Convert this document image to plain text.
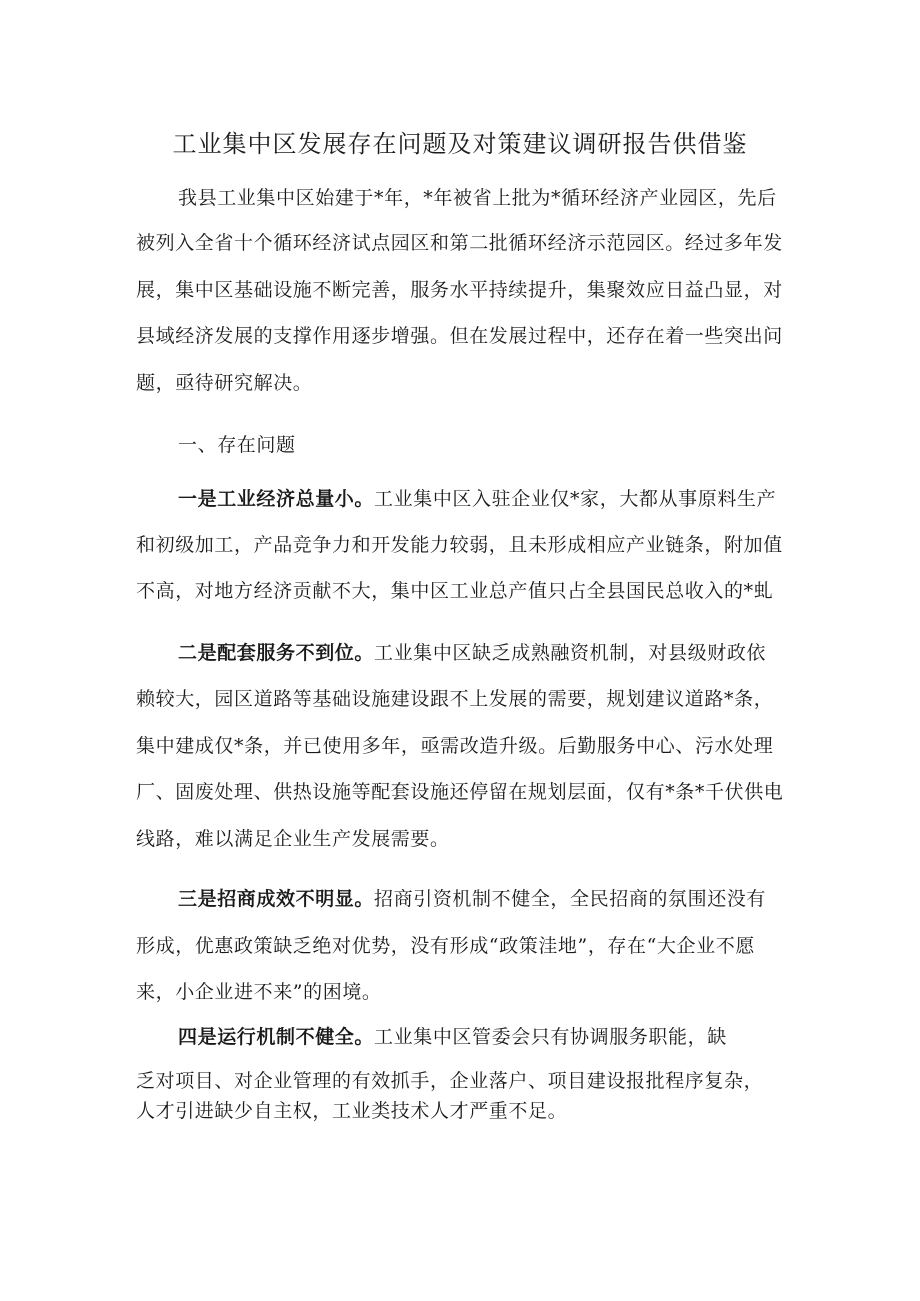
工业集中区发展存在问题及对策建议调研报告供借鉴
我县工业集中区始建于*年，*年被省上批为*循环经济产业园区，先后
被列入全省十个循环经济试点园区和第二批循环经济示范园区。经过多年发
展，集中区基础设施不断完善，服务水平持续提升，集聚效应日益凸显，对
县域经济发展的支撑作用逐步增强。但在发展过程中，还存在着一些突出问
题，亟待研究解决。
一、存在问题
一是工业经济总量小。工业集中区入驻企业仅*家，大都从事原料生产
和初级加工，产品竞争力和开发能力较弱，且未形成相应产业链条，附加值
不高，对地方经济贡献不大，集中区工业总产值只占全县国民总收入的*虬
二是配套服务不到位。工业集中区缺乏成熟融资机制，对县级财政依
赖较大，园区道路等基础设施建设跟不上发展的需要，规划建议道路*条，
集中建成仅*条，并已使用多年，亟需改造升级。后勤服务中心、污水处理
厂、固废处理、供热设施等配套设施还停留在规划层面，仅有*条*千伏供电
线路，难以满足企业生产发展需要。
三是招商成效不明显。招商引资机制不健全，全民招商的氛围还没有
形成，优惠政策缺乏绝对优势，没有形成“政策洼地”，存在“大企业不愿
来，小企业进不来”的困境。
四是运行机制不健全。工业集中区管委会只有协调服务职能，缺
乏对项目、对企业管理的有效抓手，企业落户、项目建设报批程序复杂，
人才引进缺少自主权，工业类技术人才严重不足。
